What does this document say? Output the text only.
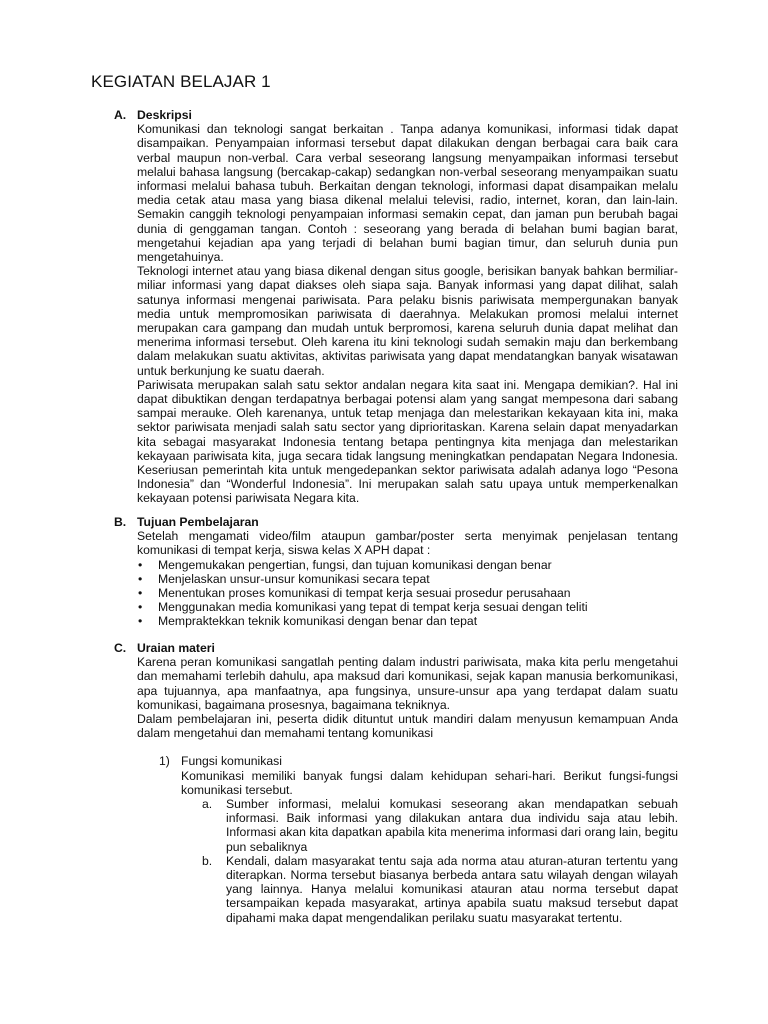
KEGIATAN BELAJAR 1
A. Deskripsi

Komunikasi dan teknologi sangat berkaitan . Tanpa adanya komunikasi, informasi tidak dapat disampaikan. Penyampaian informasi tersebut dapat dilakukan dengan berbagai cara baik cara verbal maupun non-verbal. Cara verbal seseorang langsung menyampaikan informasi tersebut melalui bahasa langsung (bercakap-cakap) sedangkan non-verbal seseorang menyampaikan suatu informasi melalui bahasa tubuh. Berkaitan dengan teknologi, informasi dapat disampaikan melalu media cetak atau masa yang biasa dikenal melalui televisi, radio, internet, koran, dan lain-lain. Semakin canggih teknologi penyampaian informasi semakin cepat, dan jaman pun berubah bagai dunia di genggaman tangan. Contoh : seseorang yang berada di belahan bumi bagian barat, mengetahui kejadian apa yang terjadi di belahan bumi bagian timur, dan seluruh dunia pun mengetahuinya.

Teknologi internet atau yang biasa dikenal dengan situs google, berisikan banyak bahkan bermiliar-miliar informasi yang dapat diakses oleh siapa saja. Banyak informasi yang dapat dilihat, salah satunya informasi mengenai pariwisata. Para pelaku bisnis pariwisata mempergunakan banyak media untuk mempromosikan pariwisata di daerahnya. Melakukan promosi melalui internet merupakan cara gampang dan mudah untuk berpromosi, karena seluruh dunia dapat melihat dan menerima informasi tersebut. Oleh karena itu kini teknologi sudah semakin maju dan berkembang dalam melakukan suatu aktivitas, aktivitas pariwisata yang dapat mendatangkan banyak wisatawan untuk berkunjung ke suatu daerah.

Pariwisata merupakan salah satu sektor andalan negara kita saat ini. Mengapa demikian?. Hal ini dapat dibuktikan dengan terdapatnya berbagai potensi alam yang sangat mempesona dari sabang sampai merauke. Oleh karenanya, untuk tetap menjaga dan melestarikan kekayaan kita ini, maka sektor pariwisata menjadi salah satu sector yang diprioritaskan. Karena selain dapat menyadarkan kita sebagai masyarakat Indonesia tentang betapa pentingnya kita menjaga dan melestarikan kekayaan pariwisata kita, juga secara tidak langsung meningkatkan pendapatan Negara Indonesia. Keseriusan pemerintah kita untuk mengedepankan sektor pariwisata adalah adanya logo “Pesona Indonesia” dan “Wonderful Indonesia”. Ini merupakan salah satu upaya untuk memperkenalkan kekayaan potensi pariwisata Negara kita.

B. Tujuan Pembelajaran

Setelah mengamati video/film ataupun gambar/poster serta menyimak penjelasan tentang komunikasi di tempat kerja, siswa kelas X APH dapat :

• Mengemukakan pengertian, fungsi, dan tujuan komunikasi dengan benar
• Menjelaskan unsur-unsur komunikasi secara tepat
• Menentukan proses komunikasi di tempat kerja sesuai prosedur perusahaan
• Menggunakan media komunikasi yang tepat di tempat kerja sesuai dengan teliti
• Mempraktekkan teknik komunikasi dengan benar dan tepat
C. Uraian materi

Karena peran komunikasi sangatlah penting dalam industri pariwisata, maka kita perlu mengetahui dan memahami terlebih dahulu, apa maksud dari komunikasi, sejak kapan manusia berkomunikasi, apa tujuannya, apa manfaatnya, apa fungsinya, unsure-unsur apa yang terdapat dalam suatu komunikasi, bagaimana prosesnya, bagaimana tekniknya.

Dalam pembelajaran ini, peserta didik dituntut untuk mandiri dalam menyusun kemampuan Anda dalam mengetahui dan memahami tentang komunikasi

1) Fungsi komunikasi
Komunikasi memiliki banyak fungsi dalam kehidupan sehari-hari. Berikut fungsi-fungsi komunikasi tersebut.
a. Sumber informasi, melalui komukasi seseorang akan mendapatkan sebuah informasi. Baik informasi yang dilakukan antara dua individu saja atau lebih. Informasi akan kita dapatkan apabila kita menerima informasi dari orang lain, begitu pun sebaliknya
b. Kendali, dalam masyarakat tentu saja ada norma atau aturan-aturan tertentu yang diterapkan. Norma tersebut biasanya berbeda antara satu wilayah dengan wilayah yang lainnya. Hanya melalui komunikasi atauran atau norma tersebut dapat tersampaikan kepada masyarakat, artinya apabila suatu maksud tersebut dapat dipahami maka dapat mengendalikan perilaku suatu masyarakat tertentu.
